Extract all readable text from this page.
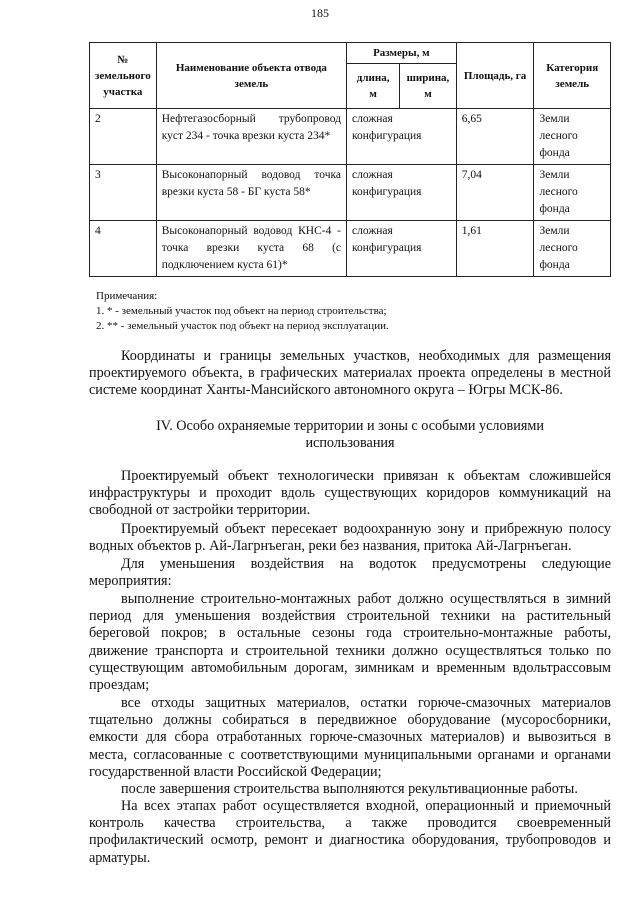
185
№ земельного участка	Наименование объекта отвода земель	Размеры, м		Площадь, га	Категория земель
		длина, м	ширина, м		
2	Нефтегазосборный трубопровод куст 234 - точка врезки куста 234*	сложная конфигурация		6,65	Земли лесного фонда
3	Высоконапорный водовод точка врезки куста 58 - БГ куста 58*	сложная конфигурация		7,04	Земли лесного фонда
4	Высоконапорный водовод КНС-4 - точка врезки куста 68 (с подключением куста 61)*	сложная конфигурация		1,61	Земли лесного фонда
Примечания:
1. * - земельный участок под объект на период строительства;
2. ** - земельный участок под объект на период эксплуатации.

Координаты и границы земельных участков, необходимых для размещения проектируемого объекта, в графических материалах проекта определены в местной системе координат Ханты-Мансийского автономного округа – Югры МСК-86.

IV. Особо охраняемые территории и зоны с особыми условиями
использования

Проектируемый объект технологически привязан к объектам сложившейся инфраструктуры и проходит вдоль существующих коридоров коммуникаций на свободной от застройки территории.

Проектируемый объект пересекает водоохранную зону и прибрежную полосу водных объектов р. Ай-Лагрнъеган, реки без названия, притока Ай-Лагрнъеган.

Для уменьшения воздействия на водоток предусмотрены следующие мероприятия:

выполнение строительно-монтажных работ должно осуществляться в зимний период для уменьшения воздействия строительной техники на растительный береговой покров; в остальные сезоны года строительно-монтажные работы, движение транспорта и строительной техники должно осуществляться только по существующим автомобильным дорогам, зимникам и временным вдольтрассовым проездам;

все отходы защитных материалов, остатки горюче-смазочных материалов тщательно должны собираться в передвижное оборудование (мусоросборники, емкости для сбора отработанных горюче-смазочных материалов) и вывозиться в места, согласованные с соответствующими муниципальными органами и органами государственной власти Российской Федерации;

после завершения строительства выполняются рекультивационные работы.

На всех этапах работ осуществляется входной, операционный и приемочный контроль качества строительства, а также проводится своевременный профилактический осмотр, ремонт и диагностика оборудования, трубопроводов и арматуры.
